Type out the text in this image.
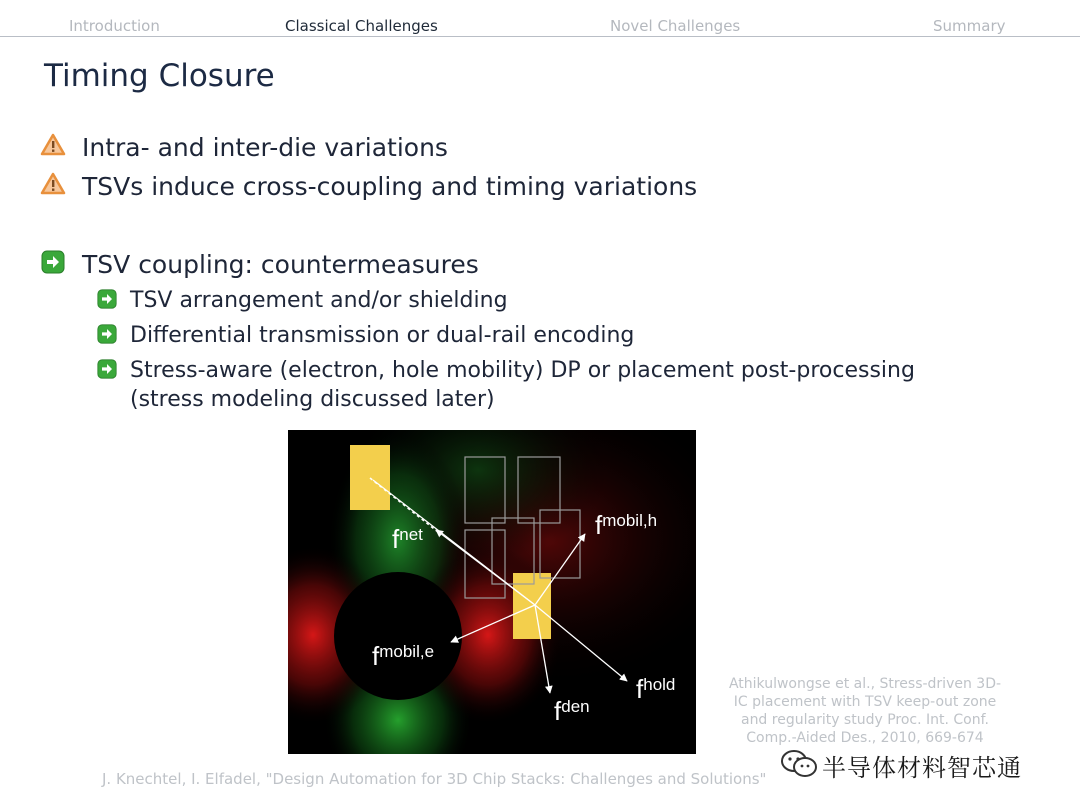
Introduction	Classical Challenges	Novel Challenges	Summary
Timing Closure
Intra- and inter-die variations
TSVs induce cross-coupling and timing variations
TSV coupling: countermeasures
TSV arrangement and/or shielding
Differential transmission or dual-rail encoding
Stress-aware (electron, hole mobility) DP or placement post-processing
(stress modeling discussed later)
fnet	fmobil,h
fmobil,e
fhold
fden
Athikulwongse et al., Stress-driven 3D-
IC placement with TSV keep-out zone
and regularity study Proc. Int. Conf.
Comp.-Aided Des., 2010, 669-674
J. Knechtel, I. Elfadel, "Design Automation for 3D Chip Stacks: Challenges and Solutions" 半导体材料智芯通
